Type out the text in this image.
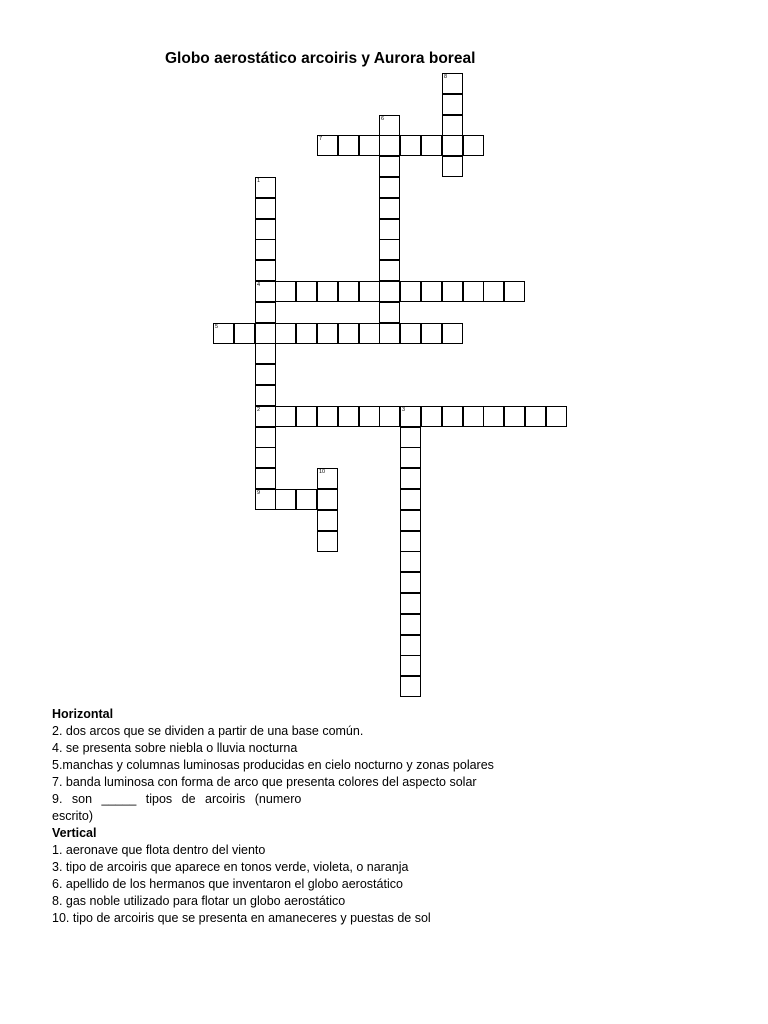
Globo aerostático arcoiris y Aurora boreal
8
6
7
1
4
2
9
5
3
10
Horizontal
2. dos arcos que se dividen a partir de una base común.
4. se presenta sobre niebla o lluvia nocturna
5.manchas y columnas luminosas producidas en cielo nocturno y zonas polares
7. banda luminosa con forma de arco que presenta colores del aspecto solar
9. son _____ tipos de arcoiris (numero escrito)
Vertical
1. aeronave que flota dentro del viento
3. tipo de arcoiris que aparece en tonos verde, violeta, o naranja
6. apellido de los hermanos que inventaron el globo aerostático
8. gas noble utilizado para flotar un globo aerostático
10. tipo de arcoiris que se presenta en amaneceres y puestas de sol
